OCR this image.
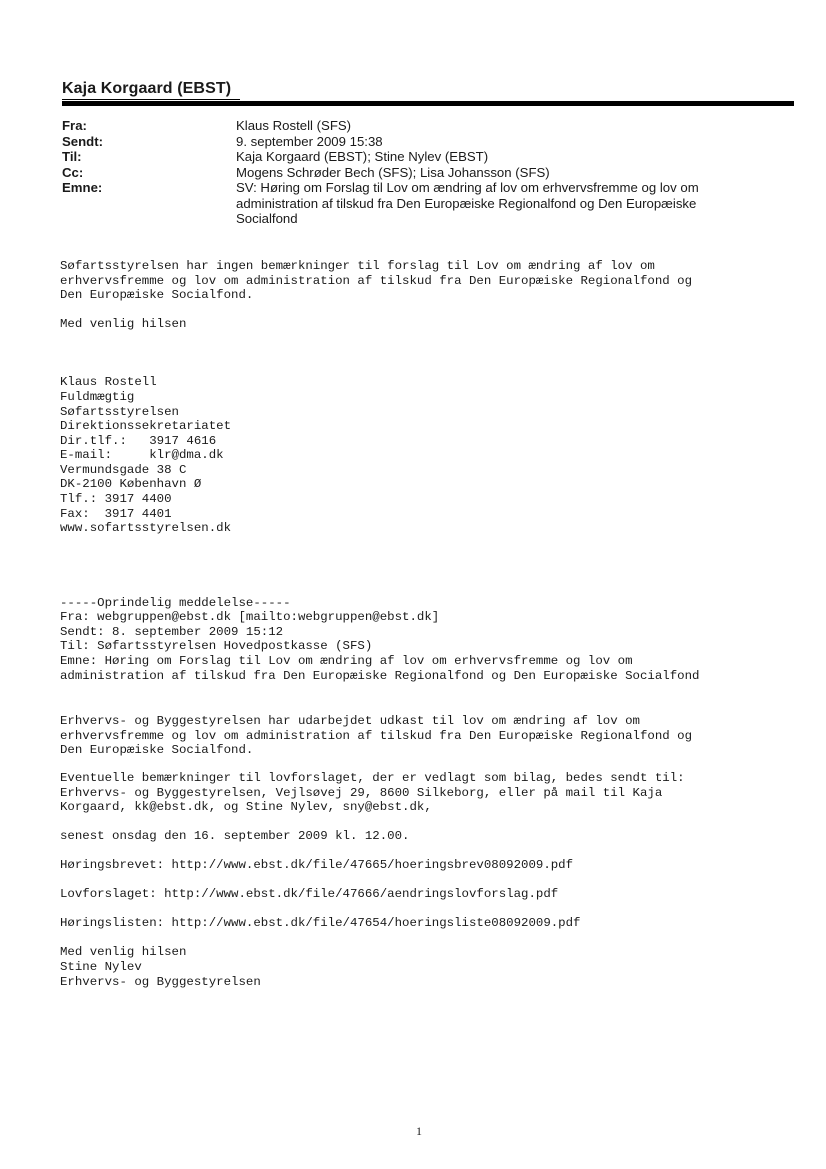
Kaja Korgaard (EBST)
Fra:	Klaus Rostell (SFS)
Sendt:	9. september 2009 15:38
Til:	Kaja Korgaard (EBST); Stine Nylev (EBST)
Cc:	Mogens Schrøder Bech (SFS); Lisa Johansson (SFS)
Emne:	SV: Høring om Forslag til Lov om ændring af lov om erhvervsfremme og lov om administration af tilskud fra Den Europæiske Regionalfond og Den Europæiske Socialfond
Søfartsstyrelsen har ingen bemærkninger til forslag til Lov om ændring af lov om
erhvervsfremme og lov om administration af tilskud fra Den Europæiske Regionalfond og
Den Europæiske Socialfond.
Med venlig hilsen
Klaus Rostell
Fuldmægtig
Søfartsstyrelsen
Direktionssekretariatet
Dir.tlf.:   3917 4616
E-mail:     klr@dma.dk
Vermundsgade 38 C
DK-2100 København Ø
Tlf.: 3917 4400
Fax:  3917 4401
www.sofartsstyrelsen.dk
-----Oprindelig meddelelse-----
Fra: webgruppen@ebst.dk [mailto:webgruppen@ebst.dk]
Sendt: 8. september 2009 15:12
Til: Søfartsstyrelsen Hovedpostkasse (SFS)
Emne: Høring om Forslag til Lov om ændring af lov om erhvervsfremme og lov om
administration af tilskud fra Den Europæiske Regionalfond og Den Europæiske Socialfond
Erhvervs- og Byggestyrelsen har udarbejdet udkast til lov om ændring af lov om
erhvervsfremme og lov om administration af tilskud fra Den Europæiske Regionalfond og
Den Europæiske Socialfond.
Eventuelle bemærkninger til lovforslaget, der er vedlagt som bilag, bedes sendt til:
Erhvervs- og Byggestyrelsen, Vejlsøvej 29, 8600 Silkeborg, eller på mail til Kaja
Korgaard, kk@ebst.dk, og Stine Nylev, sny@ebst.dk,
senest onsdag den 16. september 2009 kl. 12.00.
Høringsbrevet: http://www.ebst.dk/file/47665/hoeringsbrev08092009.pdf
Lovforslaget: http://www.ebst.dk/file/47666/aendringslovforslag.pdf
Høringslisten: http://www.ebst.dk/file/47654/hoeringsliste08092009.pdf
Med venlig hilsen
Stine Nylev
Erhvervs- og Byggestyrelsen
1
